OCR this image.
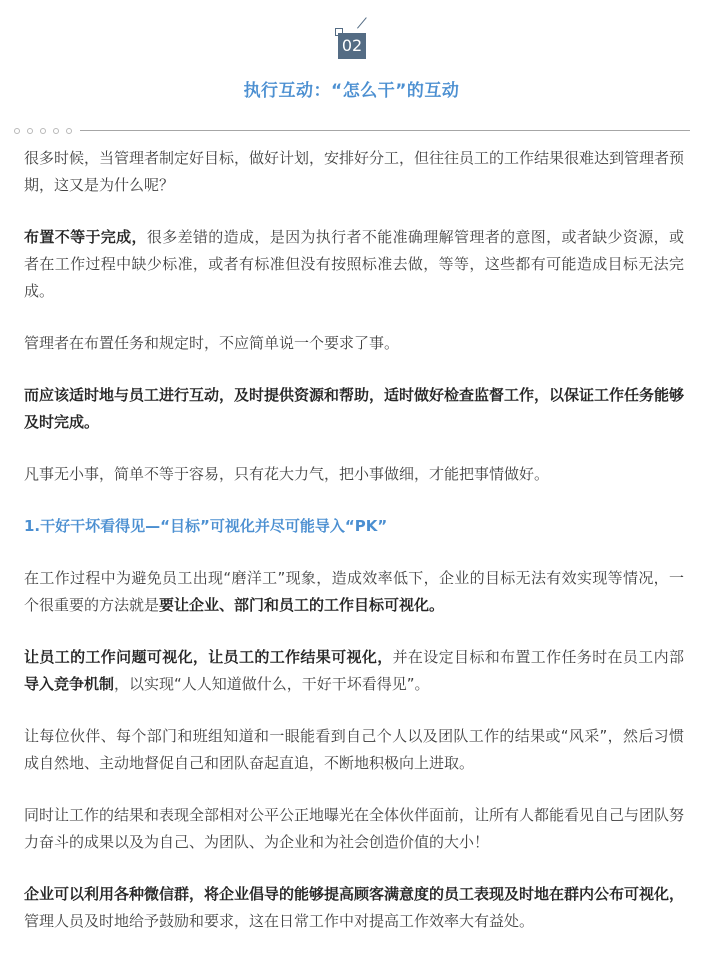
02
执行互动：“怎么干”的互动

很多时候，当管理者制定好目标，做好计划，安排好分工，但往往员工的工作结果很难达到管理者预期，这又是为什么呢？

布置不等于完成，很多差错的造成，是因为执行者不能准确理解管理者的意图，或者缺少资源，或者在工作过程中缺少标准，或者有标准但没有按照标准去做，等等，这些都有可能造成目标无法完成。

管理者在布置任务和规定时，不应简单说一个要求了事。

而应该适时地与员工进行互动，及时提供资源和帮助，适时做好检查监督工作，以保证工作任务能够及时完成。

凡事无小事，简单不等于容易，只有花大力气，把小事做细，才能把事情做好。

1.干好干坏看得见—“目标”可视化并尽可能导入“PK”

在工作过程中为避免员工出现“磨洋工”现象，造成效率低下，企业的目标无法有效实现等情况，一个很重要的方法就是要让企业、部门和员工的工作目标可视化。

让员工的工作问题可视化，让员工的工作结果可视化，并在设定目标和布置工作任务时在员工内部导入竞争机制，以实现“人人知道做什么，干好干坏看得见”。

让每位伙伴、每个部门和班组知道和一眼能看到自己个人以及团队工作的结果或“风采”，然后习惯成自然地、主动地督促自己和团队奋起直追，不断地积极向上进取。

同时让工作的结果和表现全部相对公平公正地曝光在全体伙伴面前，让所有人都能看见自己与团队努力奋斗的成果以及为自己、为团队、为企业和为社会创造价值的大小！

企业可以利用各种微信群，将企业倡导的能够提高顾客满意度的员工表现及时地在群内公布可视化，管理人员及时地给予鼓励和要求，这在日常工作中对提高工作效率大有益处。
